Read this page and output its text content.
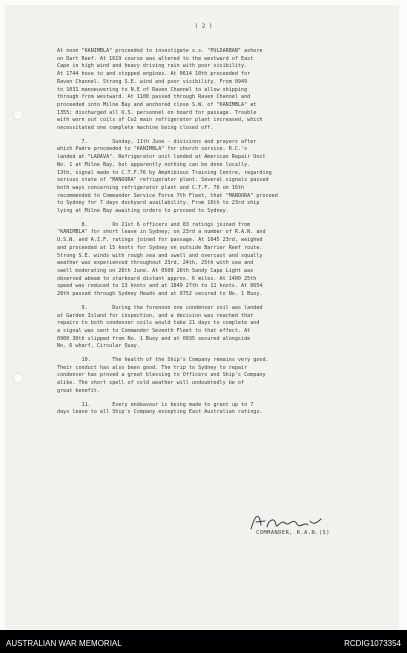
( 2 )

At noon "KANIMBLA" proceeded to investigate s.s. "PULDARBAN" ashore
on Dart Reef. At 1619 course was altered to the westward of East
Cape in high wind and heavy driving rain with poor visibility.
At 1744 hove to and stopped engines. At 0614 10th proceeded for
Raven Channel. Strong S.E. wind and poor visibility. From 0949
to 1031 manoeuvering to N.E of Raven Channel to allow shipping
through from westward. At 1100 passed through Raven Channel and
proceeded into Milne Bay and anchored close S.W. of "KANIMBLA" at
1355; discharged all U.S. personnel on board for passage. Trouble
with worn out coils of Co2 main refrigerator plant increased, which
necessitated one complete machine being closed off.

7.        Sunday, 11th June - divisions and prayers after
which Padre proceeded to "KANIMBLA" for church service. R.C.'s
landed at "LADAVA". Refrigerator unit landed at American Repair Unit
No. 1 at Milne Bay, but apparently nothing can be done locally.
13th, signal made to C.T.F.76 by Amphibious Training Centre, regarding
serious state of "MANOORA" refrigerator plant. Several signals passed
both ways concerning refrigerator plant and C.T.F. 76 on 16th
recommended to Commander Service Force 7th Fleet, that "MANOORA" proceed
to Sydney for 7 days dockyard availability. From 16th to 23rd ship
lying at Milne Bay awaiting orders to proceed to Sydney.

8.        On 21st 6 officers and 83 ratings joined from
"KANIMBLA" for short leave in Sydney; on 23rd a number of R.A.N. and
U.S.N. and A.I.F. ratings joined for passage. At 1045 23rd, weighed
and proceeded at 15 knots for Sydney on outside Barrier Reef route.
Strong S.E. winds with rough sea and swell and overcast and squally
weather was experienced throughout 23rd, 24th, 25th with sea and
swell moderating on 26th June. At 0500 26th Sandy Cape Light was
observed abeam to starboard distant approx. 6 miles. At 1400 25th
speed was reduced to 13 knots and at 1849 27th to 11 knots. At 0654
28th passed through Sydney Heads and at 0752 secured to No. 1 Buoy.

9.        During the forenoon one condenser coil was landed
at Garden Island for inspection, and a decision was reached that
repairs to both condenser coils would take 21 days to complete and
a signal was sent to Commander Seventh Fleet to that effect. At
0900 30th slipped from No. 1 Buoy and at 0935 secured alongside
No. 6 wharf, Circular Quay.

10.       The health of the Ship's Company remains very good.
Their conduct has also been good. The trip to Sydney to repair
condenser has proved a great blessing to Officers and Ship's Company
alike. The short spell of cold weather will undoubtedly be of
great benefit.

11.       Every endeavour is being made to grant up to 7
days leave to all Ship's Company excepting East Australian ratings.

COMMANDER, R.A.N.(S)
AUSTRALIAN WAR MEMORIAL	RCDIG1073354
